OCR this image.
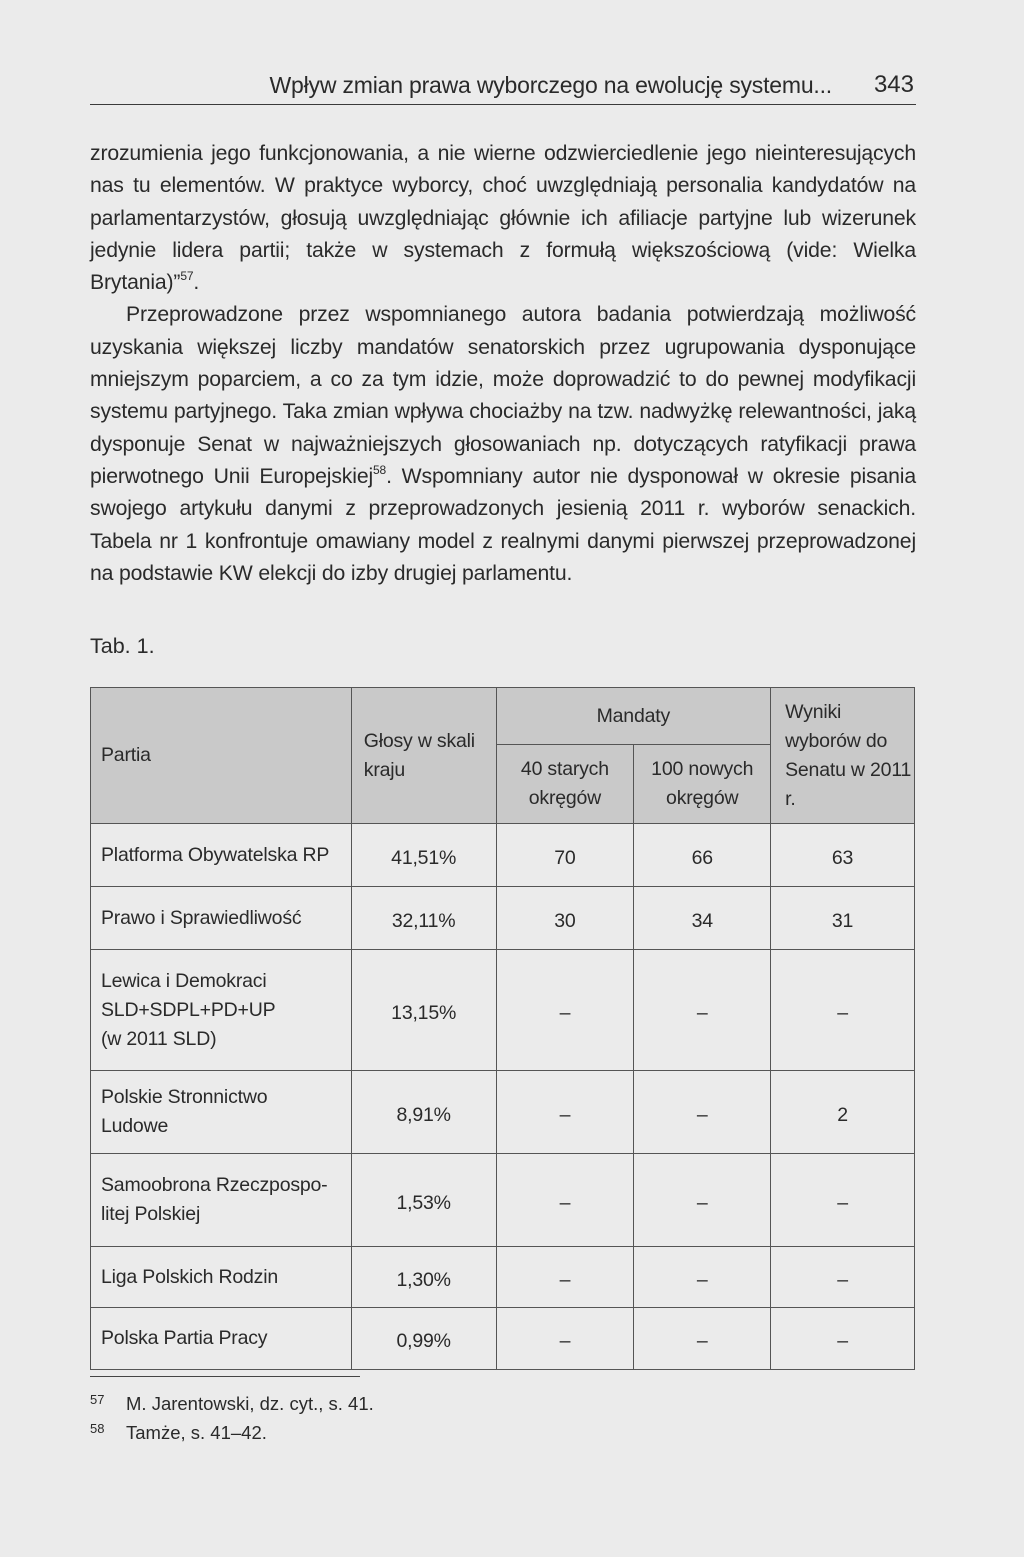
Wpływ zmian prawa wyborczego na ewolucję systemu... 343

zrozumienia jego funkcjonowania, a nie wierne odzwierciedlenie jego nieinteresujących nas tu elementów. W praktyce wyborcy, choć uwzględniają personalia kandydatów na parlamentarzystów, głosują uwzględniając głównie ich afiliacje partyjne lub wizerunek jedynie lidera partii; także w systemach z formułą większościową (vide: Wielka Brytania)”$^{57}$.

Przeprowadzone przez wspomnianego autora badania potwierdzają możliwość uzyskania większej liczby mandatów senatorskich przez ugrupowania dysponujące mniejszym poparciem, a co za tym idzie, może doprowadzić to do pewnej modyfikacji systemu partyjnego. Taka zmian wpływa chociażby na tzw. nadwyżkę relewantności, jaką dysponuje Senat w najważniejszych głosowaniach np. dotyczących ratyfikacji prawa pierwotnego Unii Europejskiej$^{58}$. Wspomniany autor nie dysponował w okresie pisania swojego artykułu danymi z przeprowadzonych jesienią 2011 r. wyborów senackich. Tabela nr 1 konfrontuje omawiany model z realnymi danymi pierwszej przeprowadzonej na podstawie KW elekcji do izby drugiej parlamentu.

Tab. 1.
Partia	Głosy w skali kraju	Mandaty		Wyniki wyborów do Senatu w 2011 r.
		40 starych okręgów	100 nowych okręgów	
Platforma Obywatelska RP	41,51%	70	66	63
Prawo i Sprawiedliwość	32,11%	30	34	31

Lewica i Demokraci
SLD+SDPL+PD+UP
(w 2011 SLD)	13,15%	–	–	–

Polskie Stronnictwo
Ludowe	8,91%	–	–	2

Samoobrona Rzeczpospo-
litej Polskiej	1,53%	–	–	–
Liga Polskich Rodzin	1,30%	–	–	–
Polska Partia Pracy	0,99%	–	–	–
57 M. Jarentowski, dz. cyt., s. 41.
58 Tamże, s. 41–42.
